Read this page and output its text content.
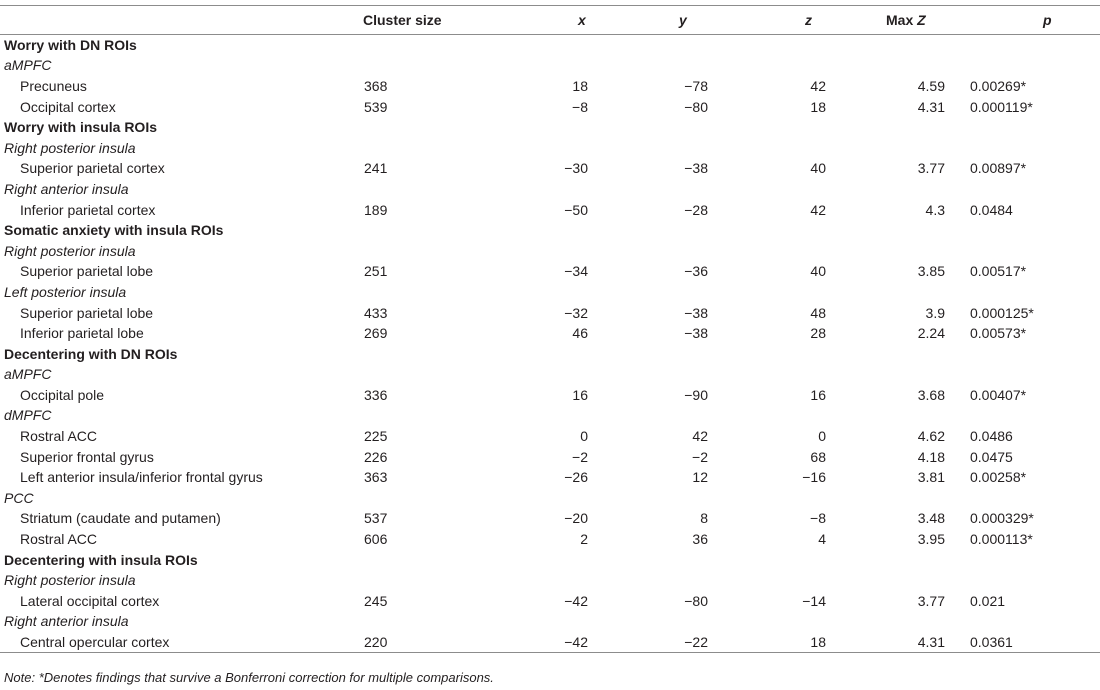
	Cluster size	x	y	z	Max Z	p
Worry with DN ROIs						
aMPFC						
Precuneus	368	18	−78	42	4.59	0.00269*
Occipital cortex	539	−8	−80	18	4.31	0.000119*
Worry with insula ROIs						
Right posterior insula						
Superior parietal cortex	241	−30	−38	40	3.77	0.00897*
Right anterior insula						
Inferior parietal cortex	189	−50	−28	42	4.3	0.0484
Somatic anxiety with insula ROIs						
Right posterior insula						
Superior parietal lobe	251	−34	−36	40	3.85	0.00517*
Left posterior insula						
Superior parietal lobe	433	−32	−38	48	3.9	0.000125*
Inferior parietal lobe	269	46	−38	28	2.24	0.00573*
Decentering with DN ROIs						
aMPFC						
Occipital pole	336	16	−90	16	3.68	0.00407*
dMPFC						
Rostral ACC	225	0	42	0	4.62	0.0486
Superior frontal gyrus	226	−2	−2	68	4.18	0.0475
Left anterior insula/inferior frontal gyrus	363	−26	12	−16	3.81	0.00258*
PCC						
Striatum (caudate and putamen)	537	−20	8	−8	3.48	0.000329*
Rostral ACC	606	2	36	4	3.95	0.000113*
Decentering with insula ROIs						
Right posterior insula						
Lateral occipital cortex	245	−42	−80	−14	3.77	0.021
Right anterior insula						
Central opercular cortex	220	−42	−22	18	4.31	0.0361
Note: *Denotes findings that survive a Bonferroni correction for multiple comparisons.
